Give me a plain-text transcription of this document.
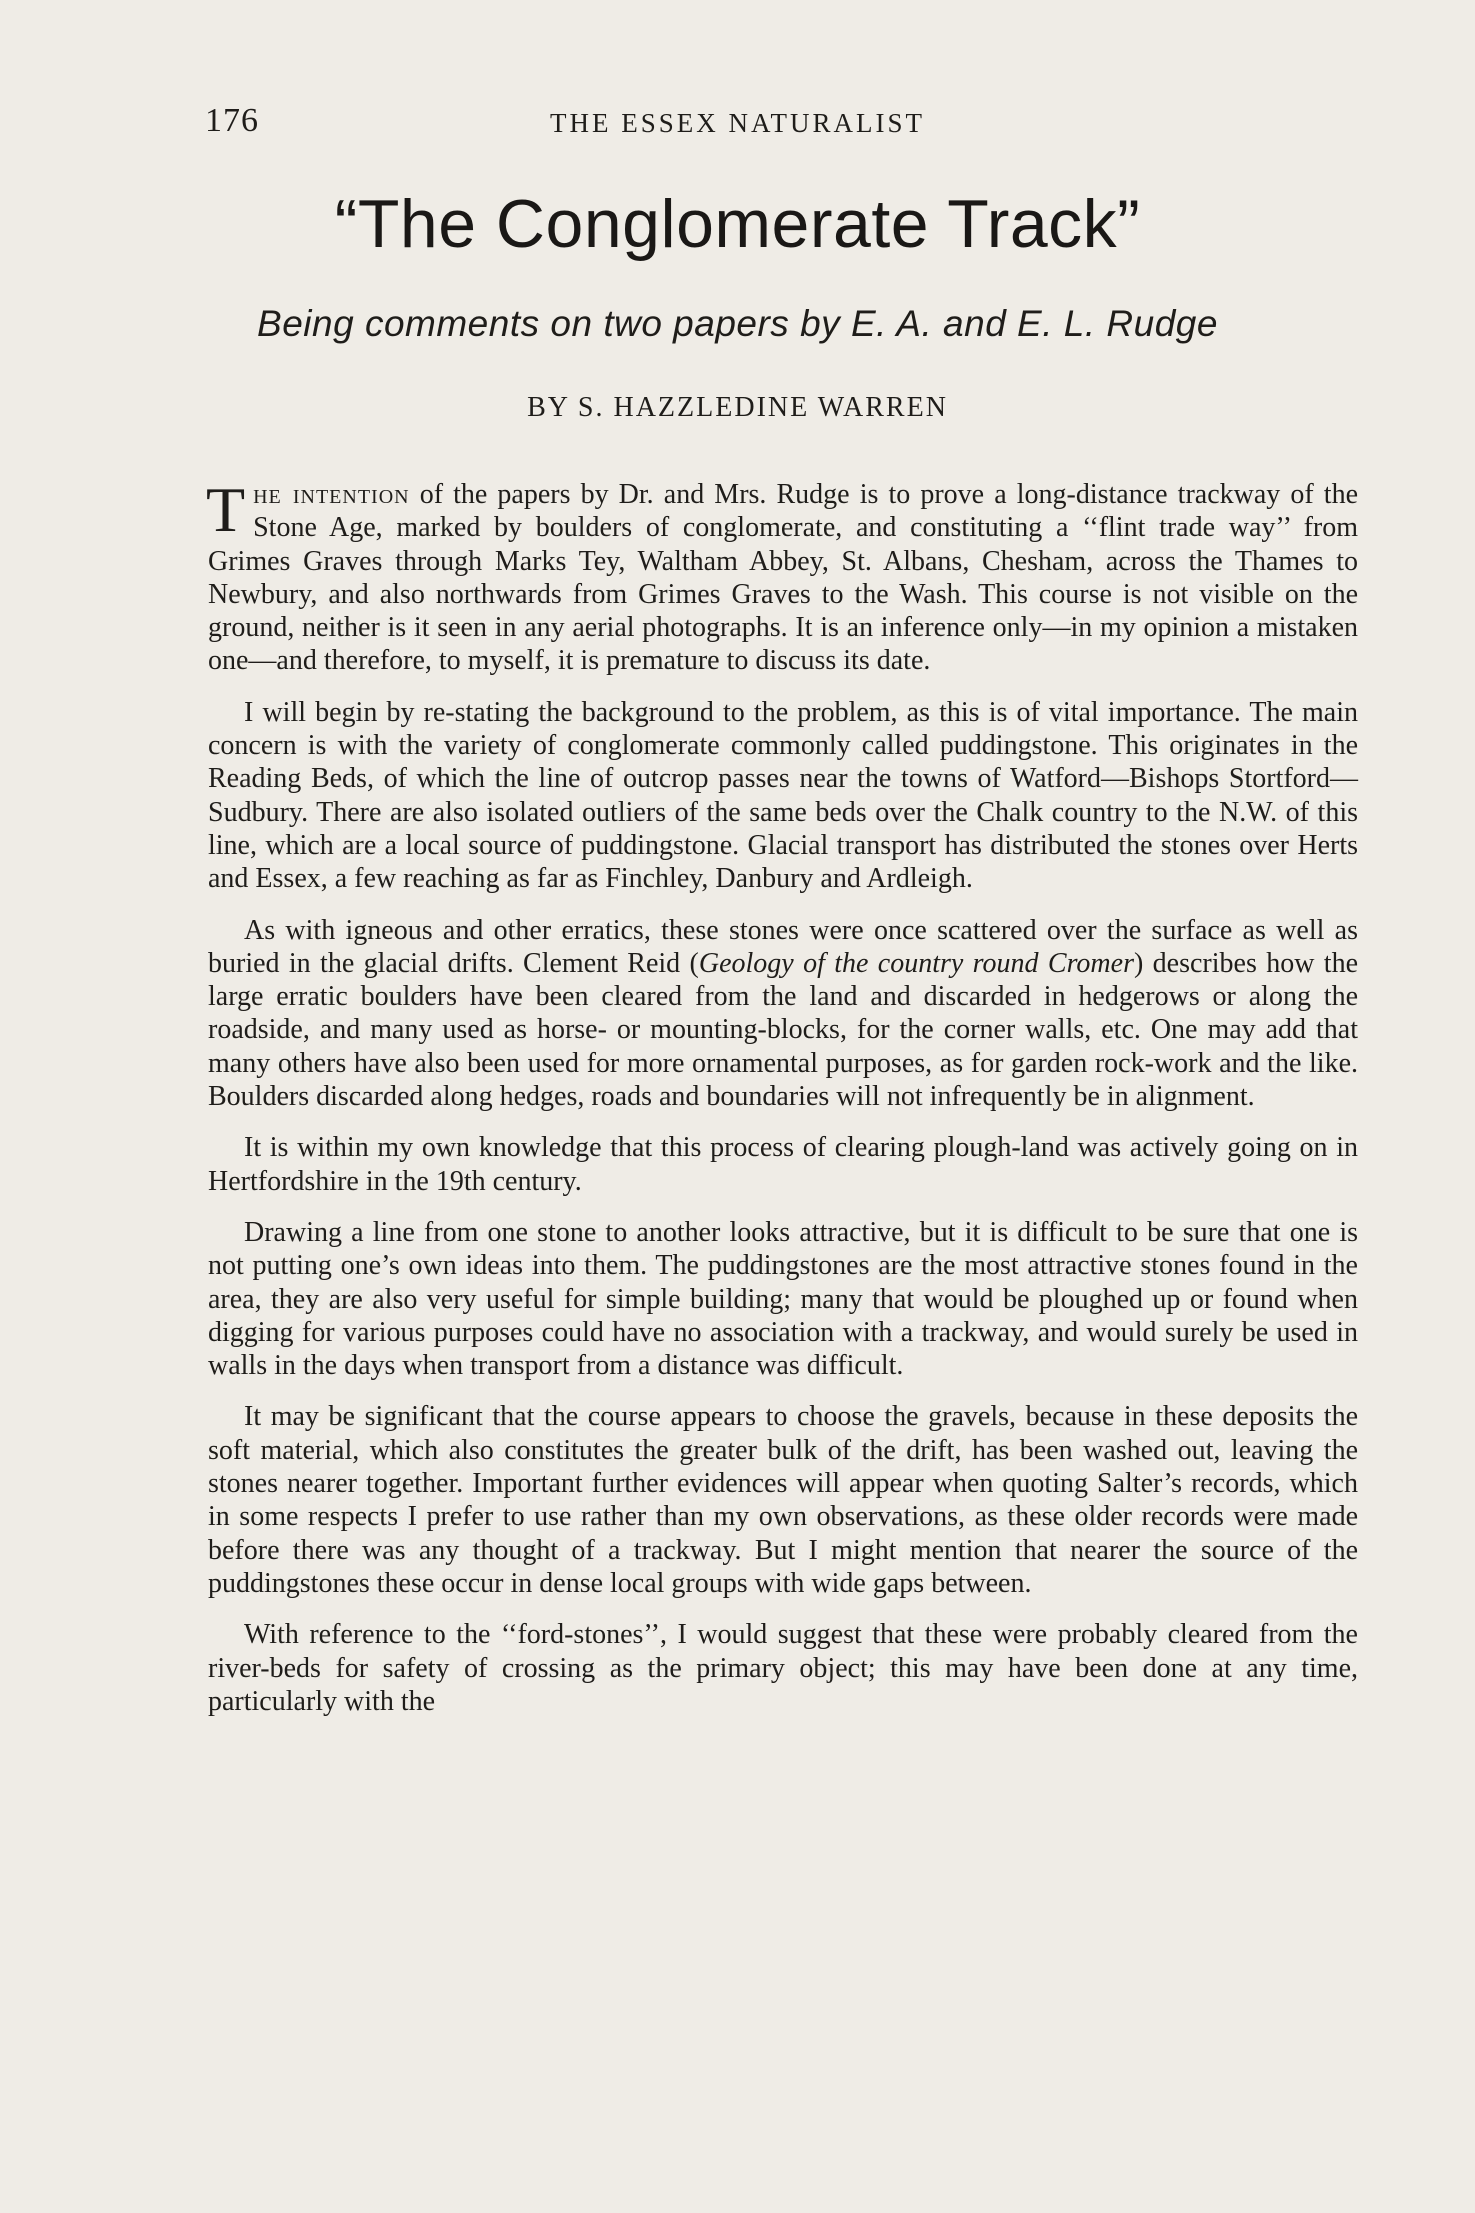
176	THE ESSEX NATURALIST
“The Conglomerate Track”
Being comments on two papers by E. A. and E. L. Rudge
BY S. HAZZLEDINE WARREN

The intention of the papers by Dr. and Mrs. Rudge is to prove a long-distance trackway of the Stone Age, marked by boulders of conglomerate, and constituting a ‘‘flint trade way’’ from Grimes Graves through Marks Tey, Waltham Abbey, St. Albans, Chesham, across the Thames to Newbury, and also northwards from Grimes Graves to the Wash. This course is not visible on the ground, neither is it seen in any aerial photographs. It is an inference only—in my opinion a mistaken one—and therefore, to myself, it is premature to discuss its date.

I will begin by re-stating the background to the problem, as this is of vital importance. The main concern is with the variety of conglomerate commonly called puddingstone. This originates in the Reading Beds, of which the line of outcrop passes near the towns of Watford—Bishops Stortford—Sudbury. There are also isolated outliers of the same beds over the Chalk country to the N.W. of this line, which are a local source of puddingstone. Glacial transport has distributed the stones over Herts and Essex, a few reaching as far as Finchley, Danbury and Ardleigh.

As with igneous and other erratics, these stones were once scattered over the surface as well as buried in the glacial drifts. Clement Reid (Geology of the country round Cromer) describes how the large erratic boulders have been cleared from the land and discarded in hedgerows or along the roadside, and many used as horse- or mounting-blocks, for the corner walls, etc. One may add that many others have also been used for more ornamental purposes, as for garden rock-work and the like. Boulders discarded along hedges, roads and boundaries will not infrequently be in alignment.

It is within my own knowledge that this process of clearing plough-land was actively going on in Hertfordshire in the 19th century.

Drawing a line from one stone to another looks attractive, but it is difficult to be sure that one is not putting one’s own ideas into them. The puddingstones are the most attractive stones found in the area, they are also very useful for simple building; many that would be ploughed up or found when digging for various purposes could have no association with a trackway, and would surely be used in walls in the days when transport from a distance was difficult.

It may be significant that the course appears to choose the gravels, because in these deposits the soft material, which also constitutes the greater bulk of the drift, has been washed out, leaving the stones nearer together. Important further evidences will appear when quoting Salter’s records, which in some respects I prefer to use rather than my own observations, as these older records were made before there was any thought of a trackway. But I might mention that nearer the source of the puddingstones these occur in dense local groups with wide gaps between.

With reference to the ‘‘ford-stones’’, I would suggest that these were probably cleared from the river-beds for safety of crossing as the primary object; this may have been done at any time, particularly with the
